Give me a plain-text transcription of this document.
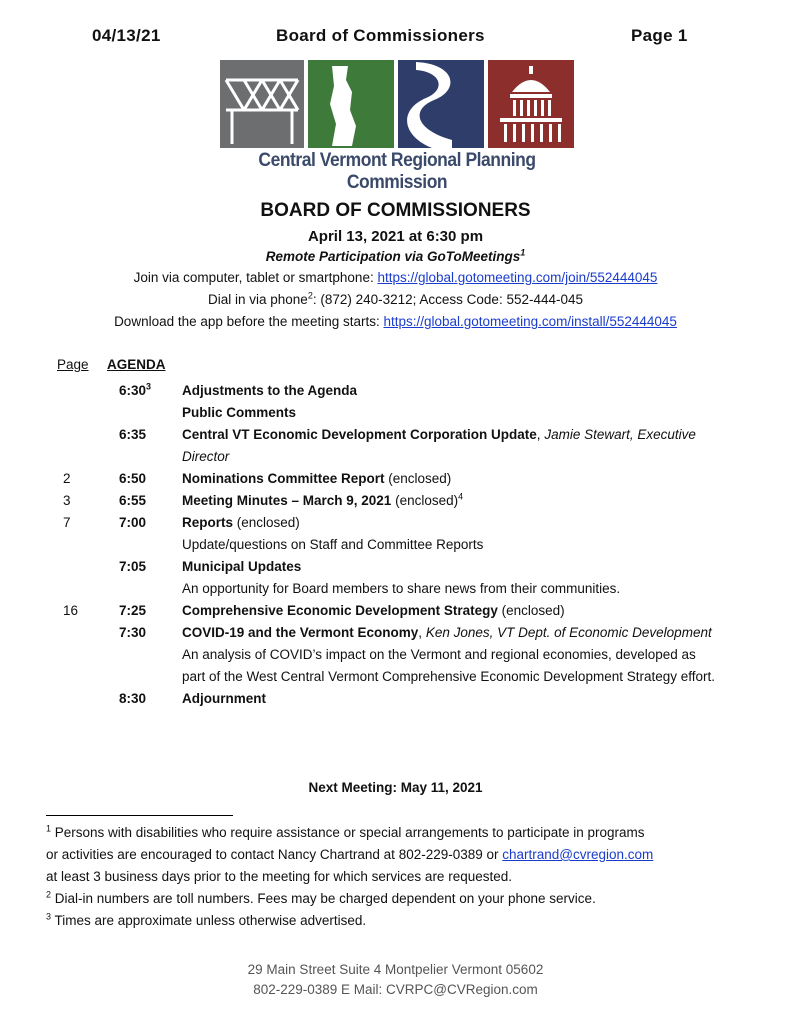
04/13/21	Board of Commissioners	Page 1
Central Vermont Regional Planning Commission
BOARD OF COMMISSIONERS
April 13, 2021 at 6:30 pm
Remote Participation via GoToMeetings$^1$
Join via computer, tablet or smartphone: https://global.gotomeeting.com/join/552444045
Dial in via phone$^2$: (872) 240-3212; Access Code: 552-444-045
Download the app before the meeting starts: https://global.gotomeeting.com/install/552444045
Page AGENDA
$6:30^3$ Adjustments to the Agenda
Public Comments
6:35	Central VT Economic Development Corporation Update, Jamie Stewart, Executive Director
2	6:50	Nominations Committee Report (enclosed)
3	6:55	Meeting Minutes – March 9, 2021 (enclosed)$^4$
7	7:00	Reports (enclosed)
Update/questions on Staff and Committee Reports
7:05	Municipal Updates
An opportunity for Board members to share news from their communities.
16	7:25	Comprehensive Economic Development Strategy (enclosed)
7:30	COVID-19 and the Vermont Economy, Ken Jones, VT Dept. of Economic Development
An analysis of COVID’s impact on the Vermont and regional economies, developed as part of the West Central Vermont Comprehensive Economic Development Strategy effort.
8:30	Adjournment
Next Meeting: May 11, 2021
$^1$ Persons with disabilities who require assistance or special arrangements to participate in programs
or activities are encouraged to contact Nancy Chartrand at 802-229-0389 or chartrand@cvregion.com
at least 3 business days prior to the meeting for which services are requested.
$^2$ Dial-in numbers are toll numbers. Fees may be charged dependent on your phone service.
$^3$ Times are approximate unless otherwise advertised.
29 Main Street Suite 4 Montpelier Vermont 05602
802-229-0389 E Mail: CVRPC@CVRegion.com
